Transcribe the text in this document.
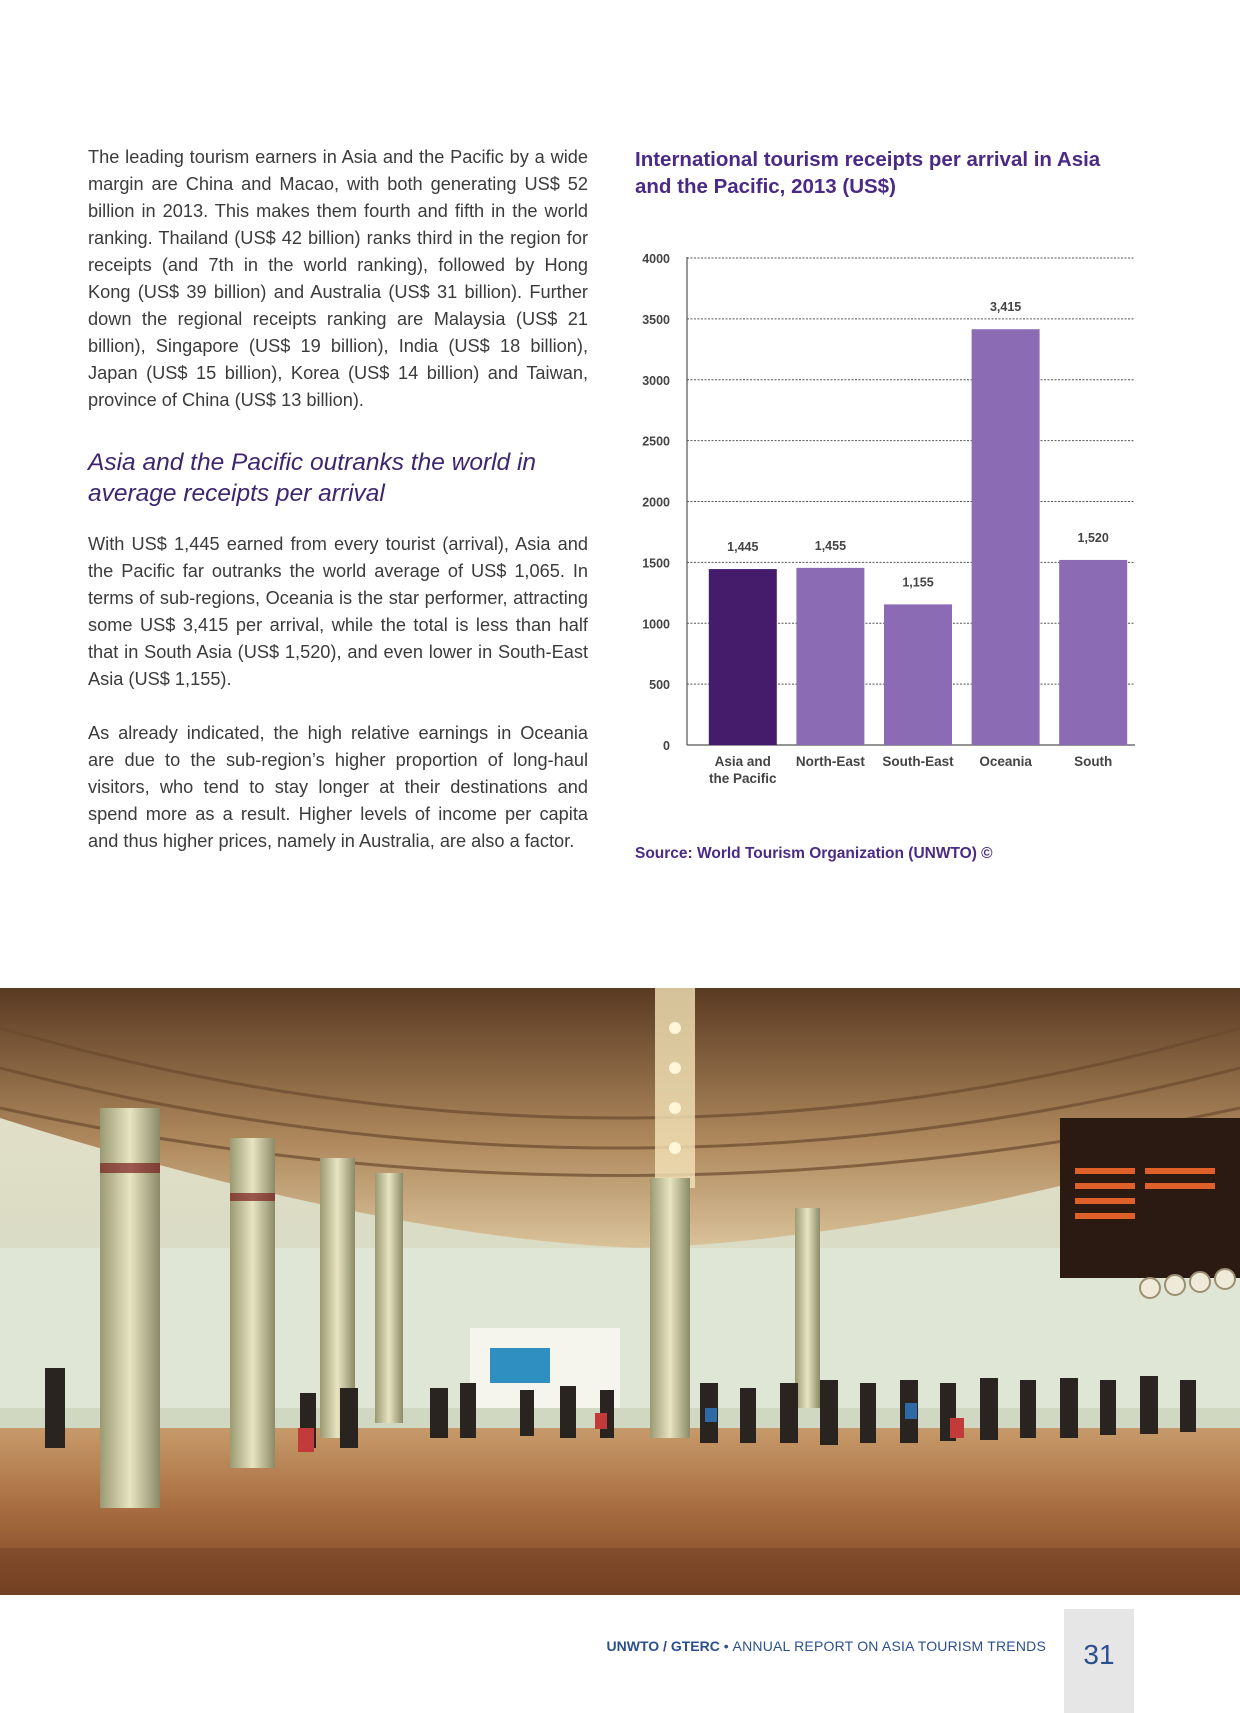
The leading tourism earners in Asia and the Pacific by a wide margin are China and Macao, with both generating US$ 52 billion in 2013. This makes them fourth and fifth in the world ranking. Thailand (US$ 42 billion) ranks third in the region for receipts (and 7th in the world ranking), followed by Hong Kong (US$ 39 billion) and Australia (US$ 31 billion). Further down the regional receipts ranking are Malaysia (US$ 21 billion), Singapore (US$ 19 billion), India (US$ 18 billion), Japan (US$ 15 billion), Korea (US$ 14 billion) and Taiwan, province of China (US$ 13 billion).

Asia and the Pacific outranks the world in average receipts per arrival

With US$ 1,445 earned from every tourist (arrival), Asia and the Pacific far outranks the world average of US$ 1,065. In terms of sub-regions, Oceania is the star performer, attracting some US$ 3,415 per arrival, while the total is less than half that in South Asia (US$ 1,520), and even lower in South-East Asia (US$ 1,155).

As already indicated, the high relative earnings in Oceania are due to the sub-region’s higher proportion of long-haul visitors, who tend to stay longer at their destinations and spend more as a result. Higher levels of income per capita and thus higher prices, namely in Australia, are also a factor.

International tourism receipts per arrival in Asia and the Pacific, 2013 (US$)
0
500
1000
1500
2000
2500
3000
3500
4000
1,445
Asia and
the Pacific
1,455
North-East
1,155
South-East
3,415
Oceania
1,520
South
Source: World Tourism Organization (UNWTO) ©
UNWTO / GTERC • ANNUAL REPORT ON ASIA TOURISM TRENDS	31
